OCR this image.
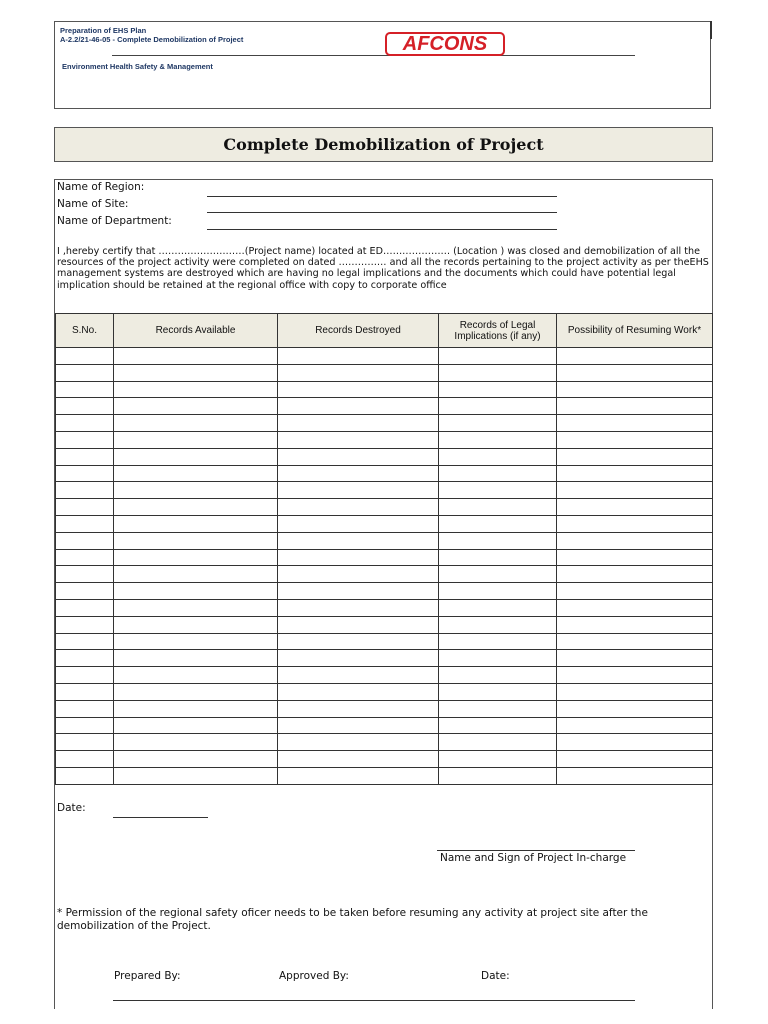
Preparation of EHS Plan
A-2.2/21-46-05 - Complete Demobilization of Project
Environment Health Safety & Management
AFCONS
Complete Demobilization of Project
Name of Region:
Name of Site:
Name of Department:
I ,hereby certify that ………………………(Project name) located at ED………………… (Location ) was closed and demobilization of all the resources of the project activity were completed on dated …………… and all the records pertaining to the project activity as per theEHS management systems are destroyed which are having no legal implications and the documents which could have potential legal implication should be retained at the regional office with copy to corporate office
S.No.	Records Available	Records Destroyed	Records of Legal Implications (if any)	Possibility of Resuming Work*

Date:
Name and Sign of Project In-charge
* Permission of the regional safety oficer needs to be taken before resuming any activity at project site after the demobilization of the Project.
Prepared By:	Approved By:	Date:
